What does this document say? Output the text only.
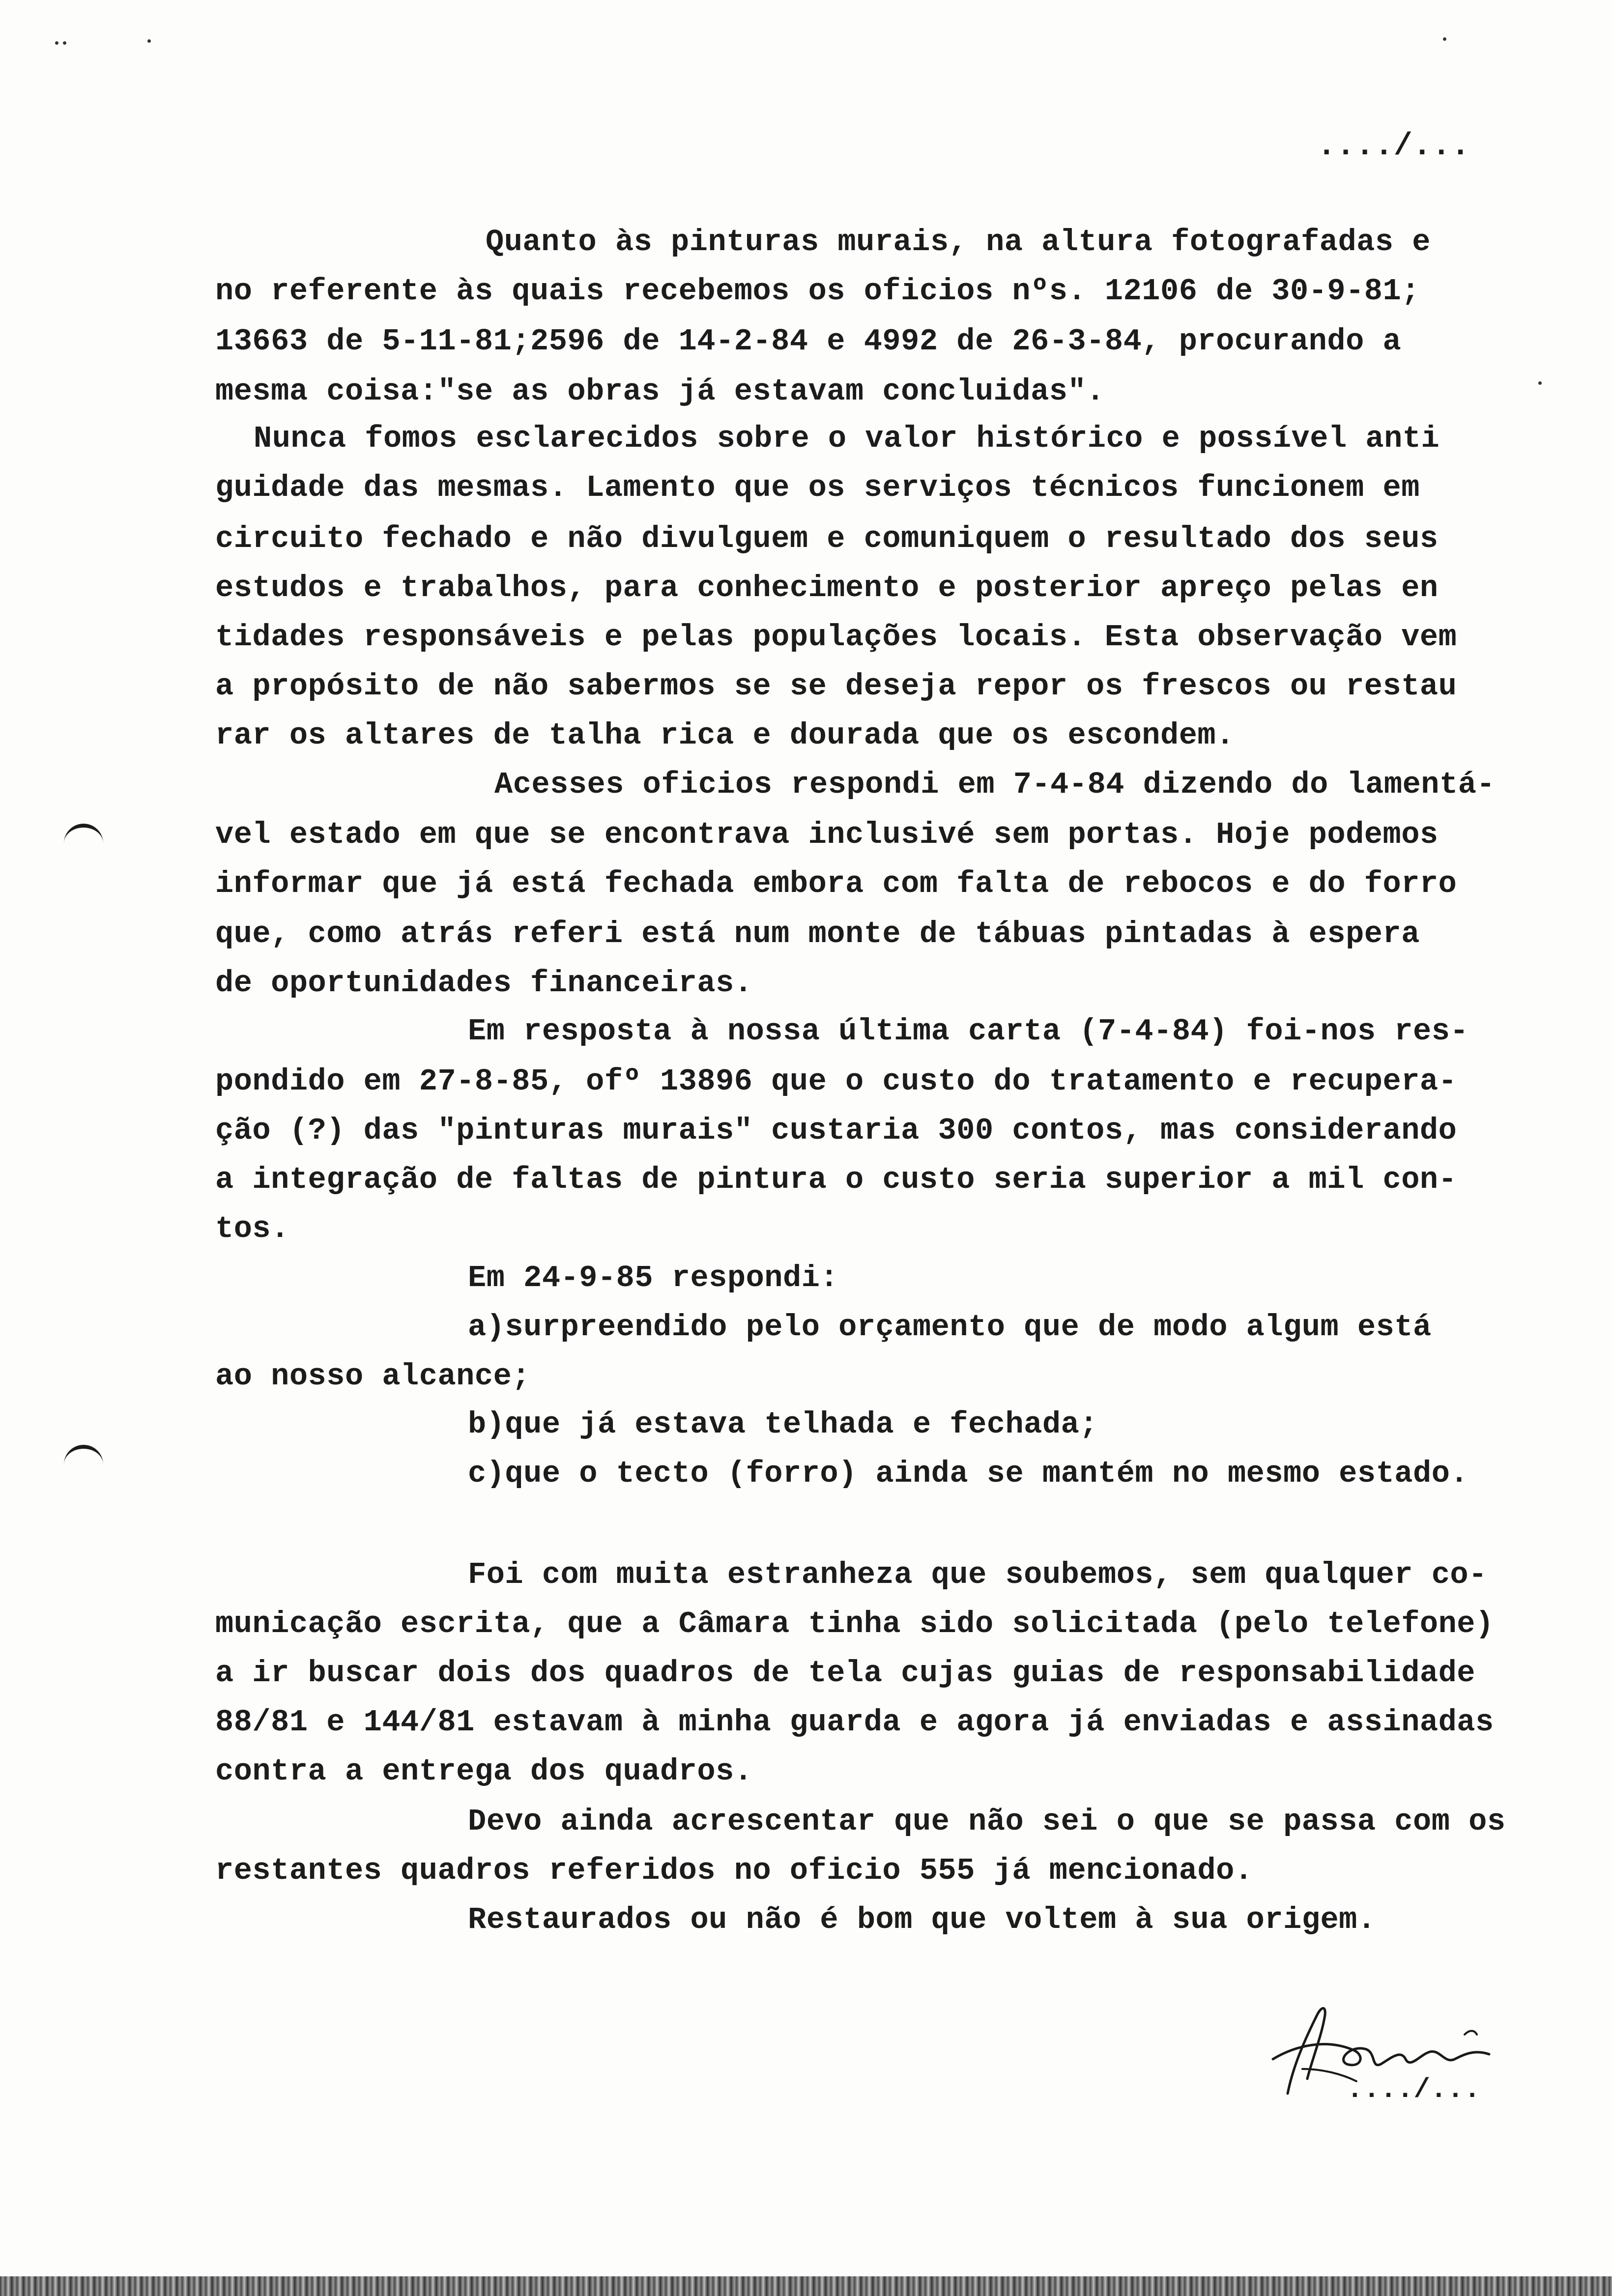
..../...
Quanto às pinturas murais, na altura fotografadas e
no referente às quais recebemos os oficios nºs. 12106 de 30-9-81;
13663 de 5-11-81;2596 de 14-2-84 e 4992 de 26-3-84, procurando a
mesma coisa:"se as obras já estavam concluidas".
Nunca fomos esclarecidos sobre o valor histórico e possível anti
guidade das mesmas. Lamento que os serviços técnicos funcionem em
circuito fechado e não divulguem e comuniquem o resultado dos seus
estudos e trabalhos, para conhecimento e posterior apreço pelas en
tidades responsáveis e pelas populações locais. Esta observação vem
a propósito de não sabermos se se deseja repor os frescos ou restau
rar os altares de talha rica e dourada que os escondem.
Acesses oficios respondi em 7-4-84 dizendo do lamentá-
vel estado em que se encontrava inclusivé sem portas. Hoje podemos
informar que já está fechada embora com falta de rebocos e do forro
que, como atrás referi está num monte de tábuas pintadas à espera
de oportunidades financeiras.
Em resposta à nossa última carta (7-4-84) foi-nos res-
pondido em 27-8-85, ofº 13896 que o custo do tratamento e recupera-
ção (?) das "pinturas murais" custaria 300 contos, mas considerando
a integração de faltas de pintura o custo seria superior a mil con-
tos.
Em 24-9-85 respondi:
a)surpreendido pelo orçamento que de modo algum está
ao nosso alcance;
b)que já estava telhada e fechada;
c)que o tecto (forro) ainda se mantém no mesmo estado.
Foi com muita estranheza que soubemos, sem qualquer co-
municação escrita, que a Câmara tinha sido solicitada (pelo telefone)
a ir buscar dois dos quadros de tela cujas guias de responsabilidade
88/81 e 144/81 estavam à minha guarda e agora já enviadas e assinadas
contra a entrega dos quadros.
Devo ainda acrescentar que não sei o que se passa com os
restantes quadros referidos no oficio 555 já mencionado.
Restaurados ou não é bom que voltem à sua origem.
..../...
